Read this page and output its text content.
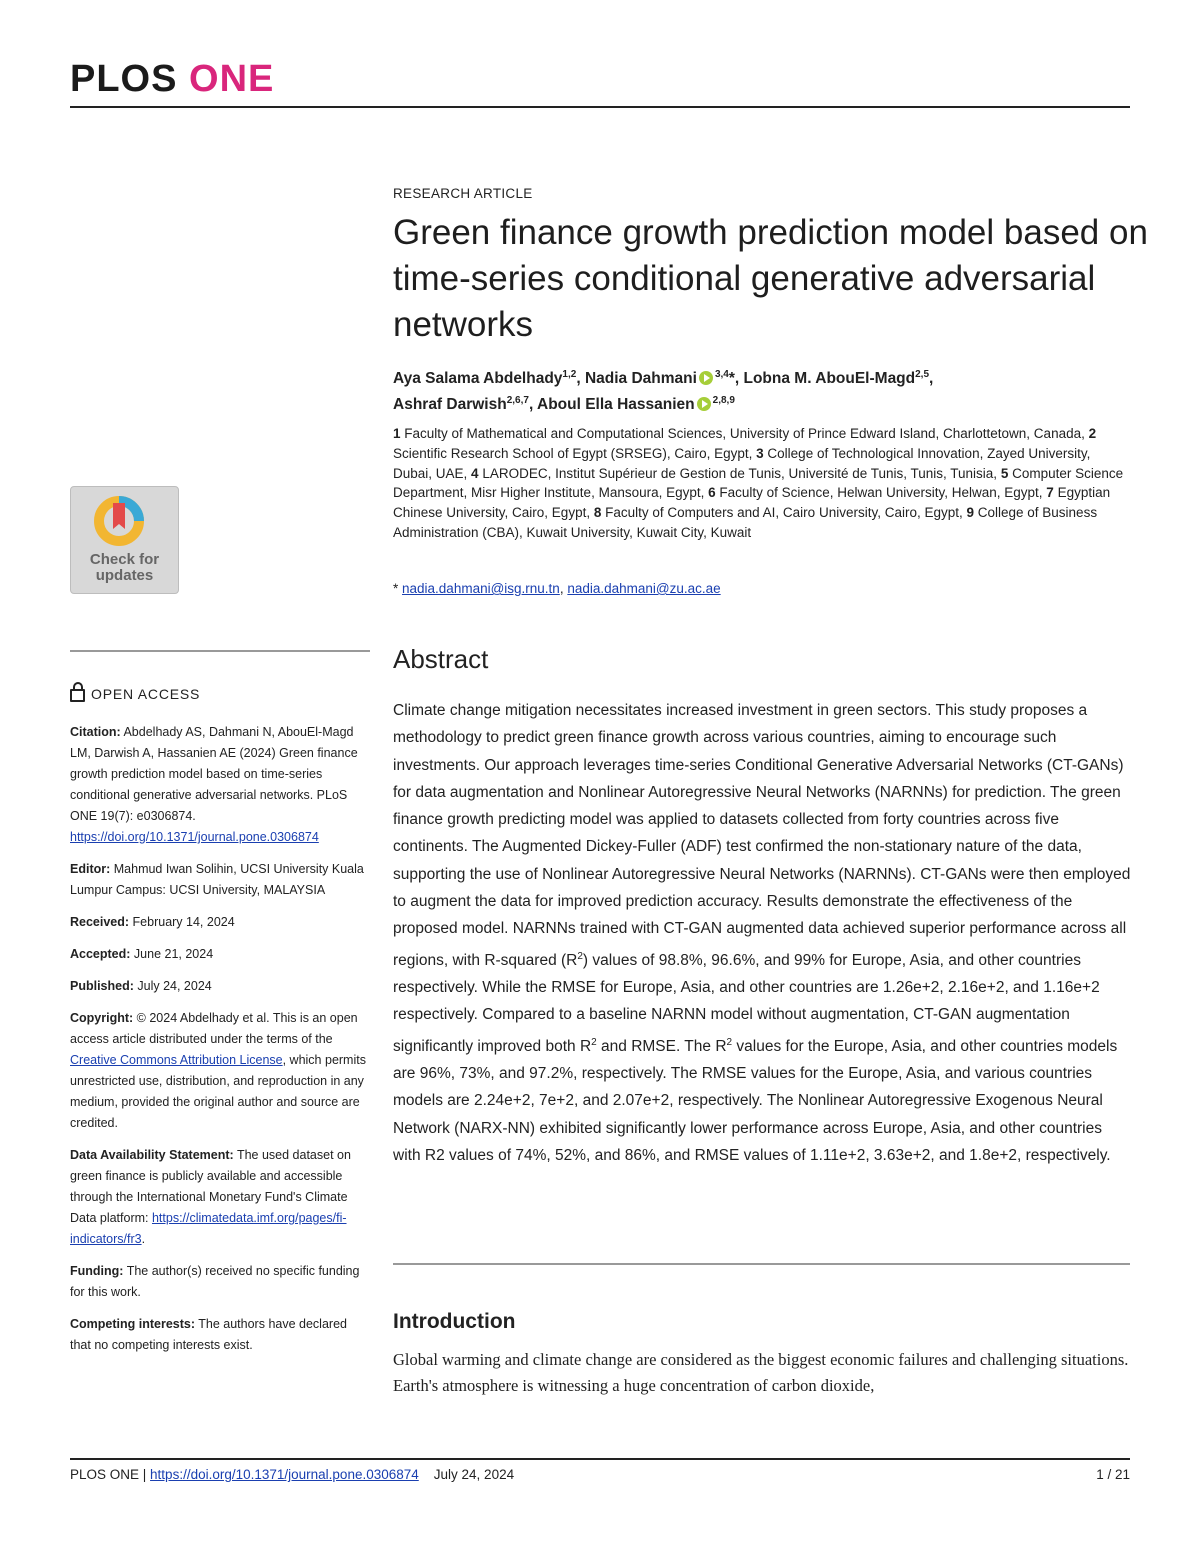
PLOS ONE
RESEARCH ARTICLE
Green finance growth prediction model based on time-series conditional generative adversarial networks
Aya Salama Abdelhady$^{1,2}$, Nadia Dahmani $^{3,4}$*, Lobna M. AbouEl-Magd$^{2,5}$,
Ashraf Darwish$^{2,6,7}$, Aboul Ella Hassanien $^{2,8,9}$
1 Faculty of Mathematical and Computational Sciences, University of Prince Edward Island, Charlottetown, Canada, 2 Scientific Research School of Egypt (SRSEG), Cairo, Egypt, 3 College of Technological Innovation, Zayed University, Dubai, UAE, 4 LARODEC, Institut Supérieur de Gestion de Tunis, Université de Tunis, Tunis, Tunisia, 5 Computer Science Department, Misr Higher Institute, Mansoura, Egypt, 6 Faculty of Science, Helwan University, Helwan, Egypt, 7 Egyptian Chinese University, Cairo, Egypt, 8 Faculty of Computers and AI, Cairo University, Cairo, Egypt, 9 College of Business Administration (CBA), Kuwait University, Kuwait City, Kuwait
* nadia.dahmani@isg.rnu.tn, nadia.dahmani@zu.ac.ae
Check for
updates
OPEN ACCESS
Citation: Abdelhady AS, Dahmani N, AbouEl-Magd LM, Darwish A, Hassanien AE (2024) Green finance growth prediction model based on time-series conditional generative adversarial networks. PLoS ONE 19(7): e0306874. https://doi.org/10.1371/journal.pone.0306874
Editor: Mahmud Iwan Solihin, UCSI University Kuala Lumpur Campus: UCSI University, MALAYSIA
Received: February 14, 2024
Accepted: June 21, 2024
Published: July 24, 2024
Copyright: © 2024 Abdelhady et al. This is an open access article distributed under the terms of the Creative Commons Attribution License, which permits unrestricted use, distribution, and reproduction in any medium, provided the original author and source are credited.
Data Availability Statement: The used dataset on green finance is publicly available and accessible through the International Monetary Fund's Climate Data platform: https://climatedata.imf.org/pages/fi-indicators/fr3.
Funding: The author(s) received no specific funding for this work.
Competing interests: The authors have declared that no competing interests exist.
Abstract
Climate change mitigation necessitates increased investment in green sectors. This study proposes a methodology to predict green finance growth across various countries, aiming to encourage such investments. Our approach leverages time-series Conditional Generative Adversarial Networks (CT-GANs) for data augmentation and Nonlinear Autoregressive Neural Networks (NARNNs) for prediction. The green finance growth predicting model was applied to datasets collected from forty countries across five continents. The Augmented Dickey-Fuller (ADF) test confirmed the non-stationary nature of the data, supporting the use of Nonlinear Autoregressive Neural Networks (NARNNs). CT-GANs were then employed to augment the data for improved prediction accuracy. Results demonstrate the effectiveness of the proposed model. NARNNs trained with CT-GAN augmented data achieved superior performance across all regions, with R-squared $(R^2)$ values of 98.8%, 96.6%, and 99% for Europe, Asia, and other countries respectively. While the RMSE for Europe, Asia, and other countries are 1.26e+2, 2.16e+2, and 1.16e+2 respectively. Compared to a baseline NARNN model without augmentation, CT-GAN augmentation significantly improved both $R^2$ and RMSE. The $R^2$ values for the Europe, Asia, and other countries models are 96%, 73%, and 97.2%, respectively. The RMSE values for the Europe, Asia, and various countries models are 2.24e+2, 7e+2, and 2.07e+2, respectively. The Nonlinear Autoregressive Exogenous Neural Network (NARX-NN) exhibited significantly lower performance across Europe, Asia, and other countries with R2 values of 74%, 52%, and 86%, and RMSE values of 1.11e+2, 3.63e+2, and 1.8e+2, respectively.
Introduction
Global warming and climate change are considered as the biggest economic failures and challenging situations. Earth's atmosphere is witnessing a huge concentration of carbon dioxide,
PLOS ONE | https://doi.org/10.1371/journal.pone.0306874 July 24, 2024	1 / 21
